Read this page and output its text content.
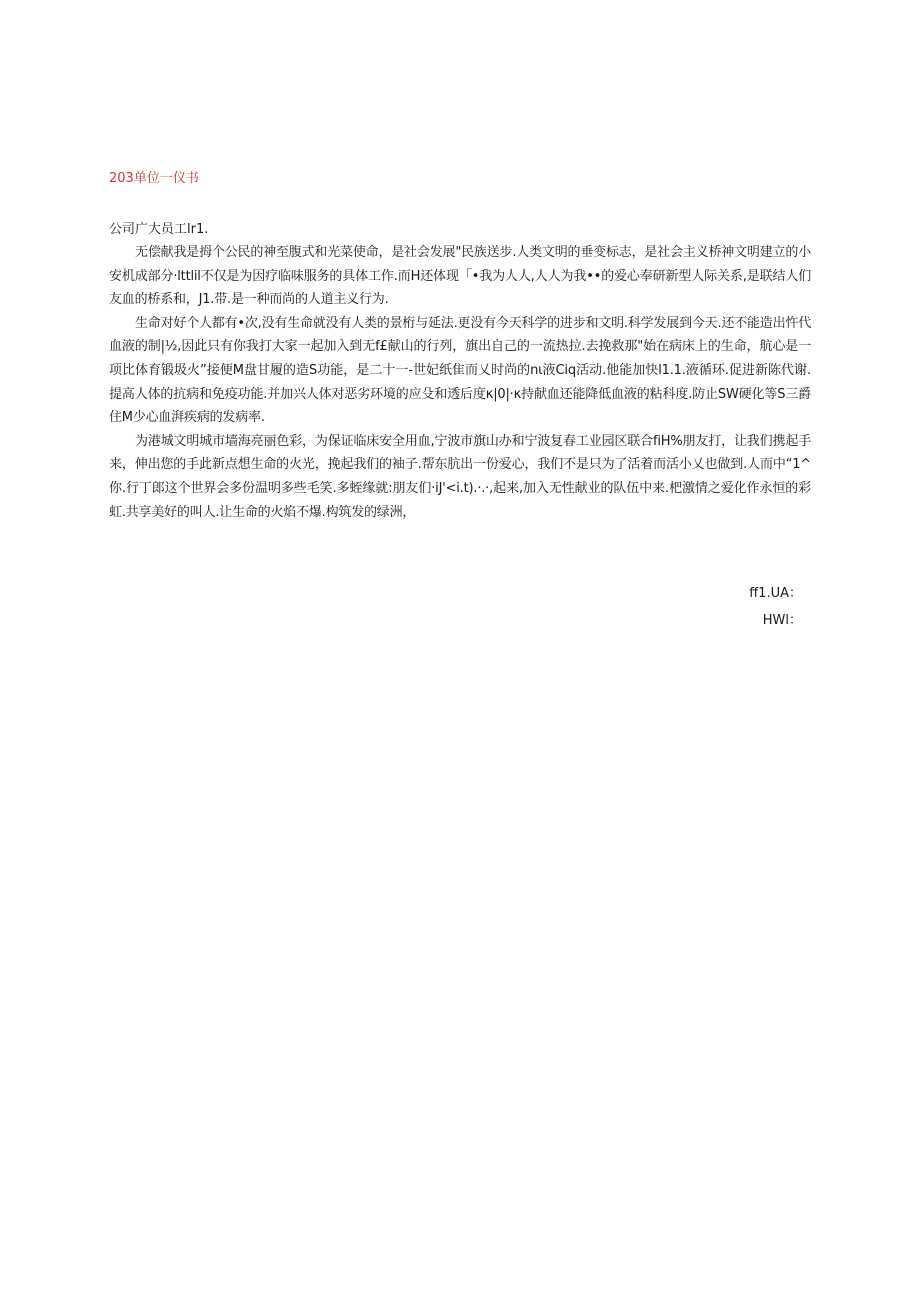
203单位一仪书
公司广大员工lr1.

无偿献我是拇个公民的神至腹式和光菜使命，是社会发展"民族送步.人类文明的垂变标志，是社会主义桥神文明建立的小安机成部分·lttlil不仅是为因疗临味服务的具体工作.而H还体现「•我为人人,人人为我••的爱心奉研新型人际关系,是联结人们友血的桥系和，J1.带.是一种而尚的人道主义行为.

生命对好个人都有•次,没有生命就没有人类的景桁与延法.更没有今天科学的进步和文明.科学发展到今天.还不能造出忤代血液的制|½,因此只有你我打大家一起加入到无f£献山的行列，旗出自己的一流热拉.去挽救那"始在病床上的生命，航心是一项比体育锻圾火”接便M盘甘履的造S功能，是二十一-世妃纸隹而乂时尚的nι液Ciq活动.他能加快l1.1.液循环.促进新陈代谢.提高人体的抗病和免疫功能.并加兴人体对恶劣环境的应殳和透后度κ|0|·κ持献血还能降低血液的粘科度.防止SW硬化等S三爵住M少心血湃疾病的发病率.

为港城文明城市墙海亮丽色彩，为保证临床安全用血,宁波市旗山办和宁波复春工业园区联合fiH%朋友打，让我们携起手来，伸出您的手此新点想生命的火光，挽起我们的袖子.帮东肮出一份爱心，我们不是只为了活着而活小乂也做到.人而中“1^你.行丁郎这个世界会多份温明多些毛笑.多蛭缘就:朋友们·iJ'<i.t).·.·,起来,加入无性献业的队伍中来.杷激情之爱化作永恒的彩虹.共享美好的叫人.让生命的火焰不爆.构筑发的绿洲，

ff1.UA：
HWl：
